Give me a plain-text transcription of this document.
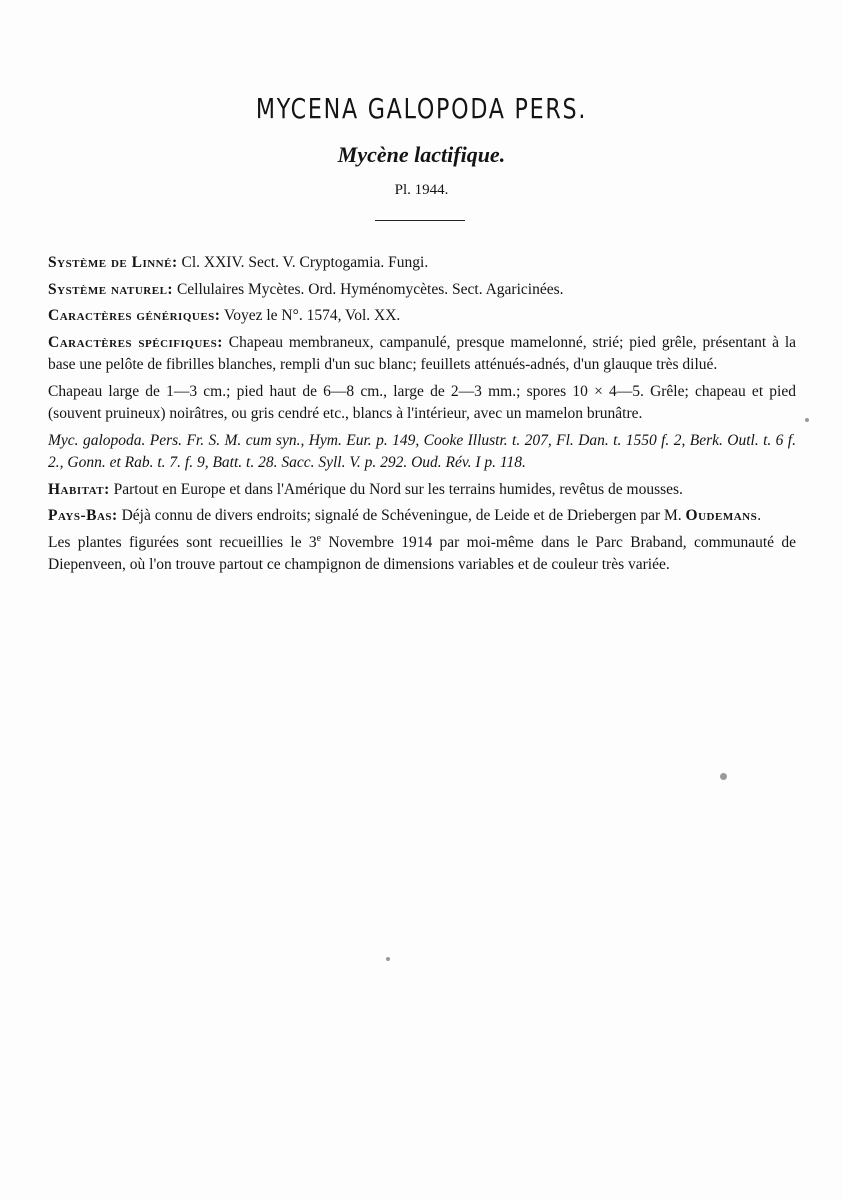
MYCENA GALOPODA PERS.
Mycène lactifique.
Pl. 1944.

Système de Linné: Cl. XXIV. Sect. V. Cryptogamia. Fungi.

Système naturel: Cellulaires Mycètes. Ord. Hyménomycètes. Sect. Agaricinées.

Caractères génériques: Voyez le N°. 1574, Vol. XX.

Caractères spécifiques: Chapeau membraneux, campanulé, presque mamelonné, strié; pied grêle, présentant à la base une pelôte de fibrilles blanches, rempli d'un suc blanc; feuillets atténués-adnés, d'un glauque très dilué.

Chapeau large de 1—3 cm.; pied haut de 6—8 cm., large de 2—3 mm.; spores 10 × 4—5. Grêle; chapeau et pied (souvent pruineux) noirâtres, ou gris cendré etc., blancs à l'intérieur, avec un mamelon brunâtre.

Myc. galopoda. Pers. Fr. S. M. cum syn., Hym. Eur. p. 149, Cooke Illustr. t. 207, Fl. Dan. t. 1550 f. 2, Berk. Outl. t. 6 f. 2., Gonn. et Rab. t. 7. f. 9, Batt. t. 28. Sacc. Syll. V. p. 292. Oud. Rév. I p. 118.

Habitat: Partout en Europe et dans l'Amérique du Nord sur les terrains humides, revêtus de mousses.

Pays-Bas: Déjà connu de divers endroits; signalé de Schéveningue, de Leide et de Driebergen par M. Oudemans.

Les plantes figurées sont recueillies le 3e Novembre 1914 par moi-même dans le Parc Braband, communauté de Diepenveen, où l'on trouve partout ce champignon de dimensions variables et de couleur très variée.
